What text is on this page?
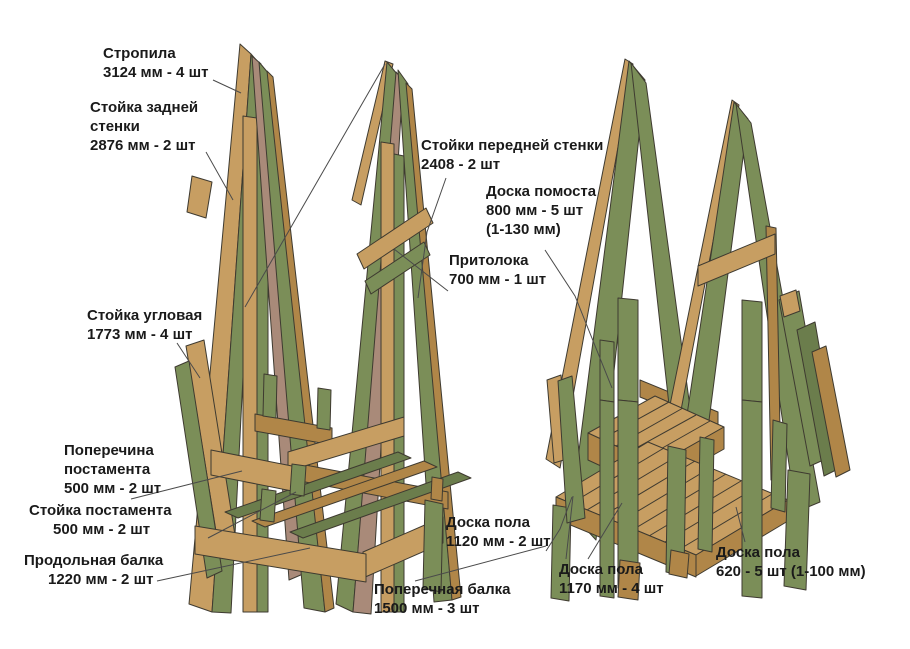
Стропила
3124 мм - 4 шт
Стойка задней
стенки
2876 мм - 2 шт	Стойки передней стенки
2408 - 2 шт
Доска помоста
800 мм - 5 шт
(1-130 мм)
Притолока
700 мм - 1 шт
Стойка угловая
1773 мм - 4 шт
Поперечина
постамента
500 мм - 2 шт
Стойка постамента
500 мм - 2 шт
Продольная балка
1220 мм - 2 шт
Доска пола
1120 мм - 2 шт
Поперечная балка
1500 мм - 3 шт
Доска пола
1170 мм - 4 шт
Доска пола
620 - 5 шт (1-100 мм)
